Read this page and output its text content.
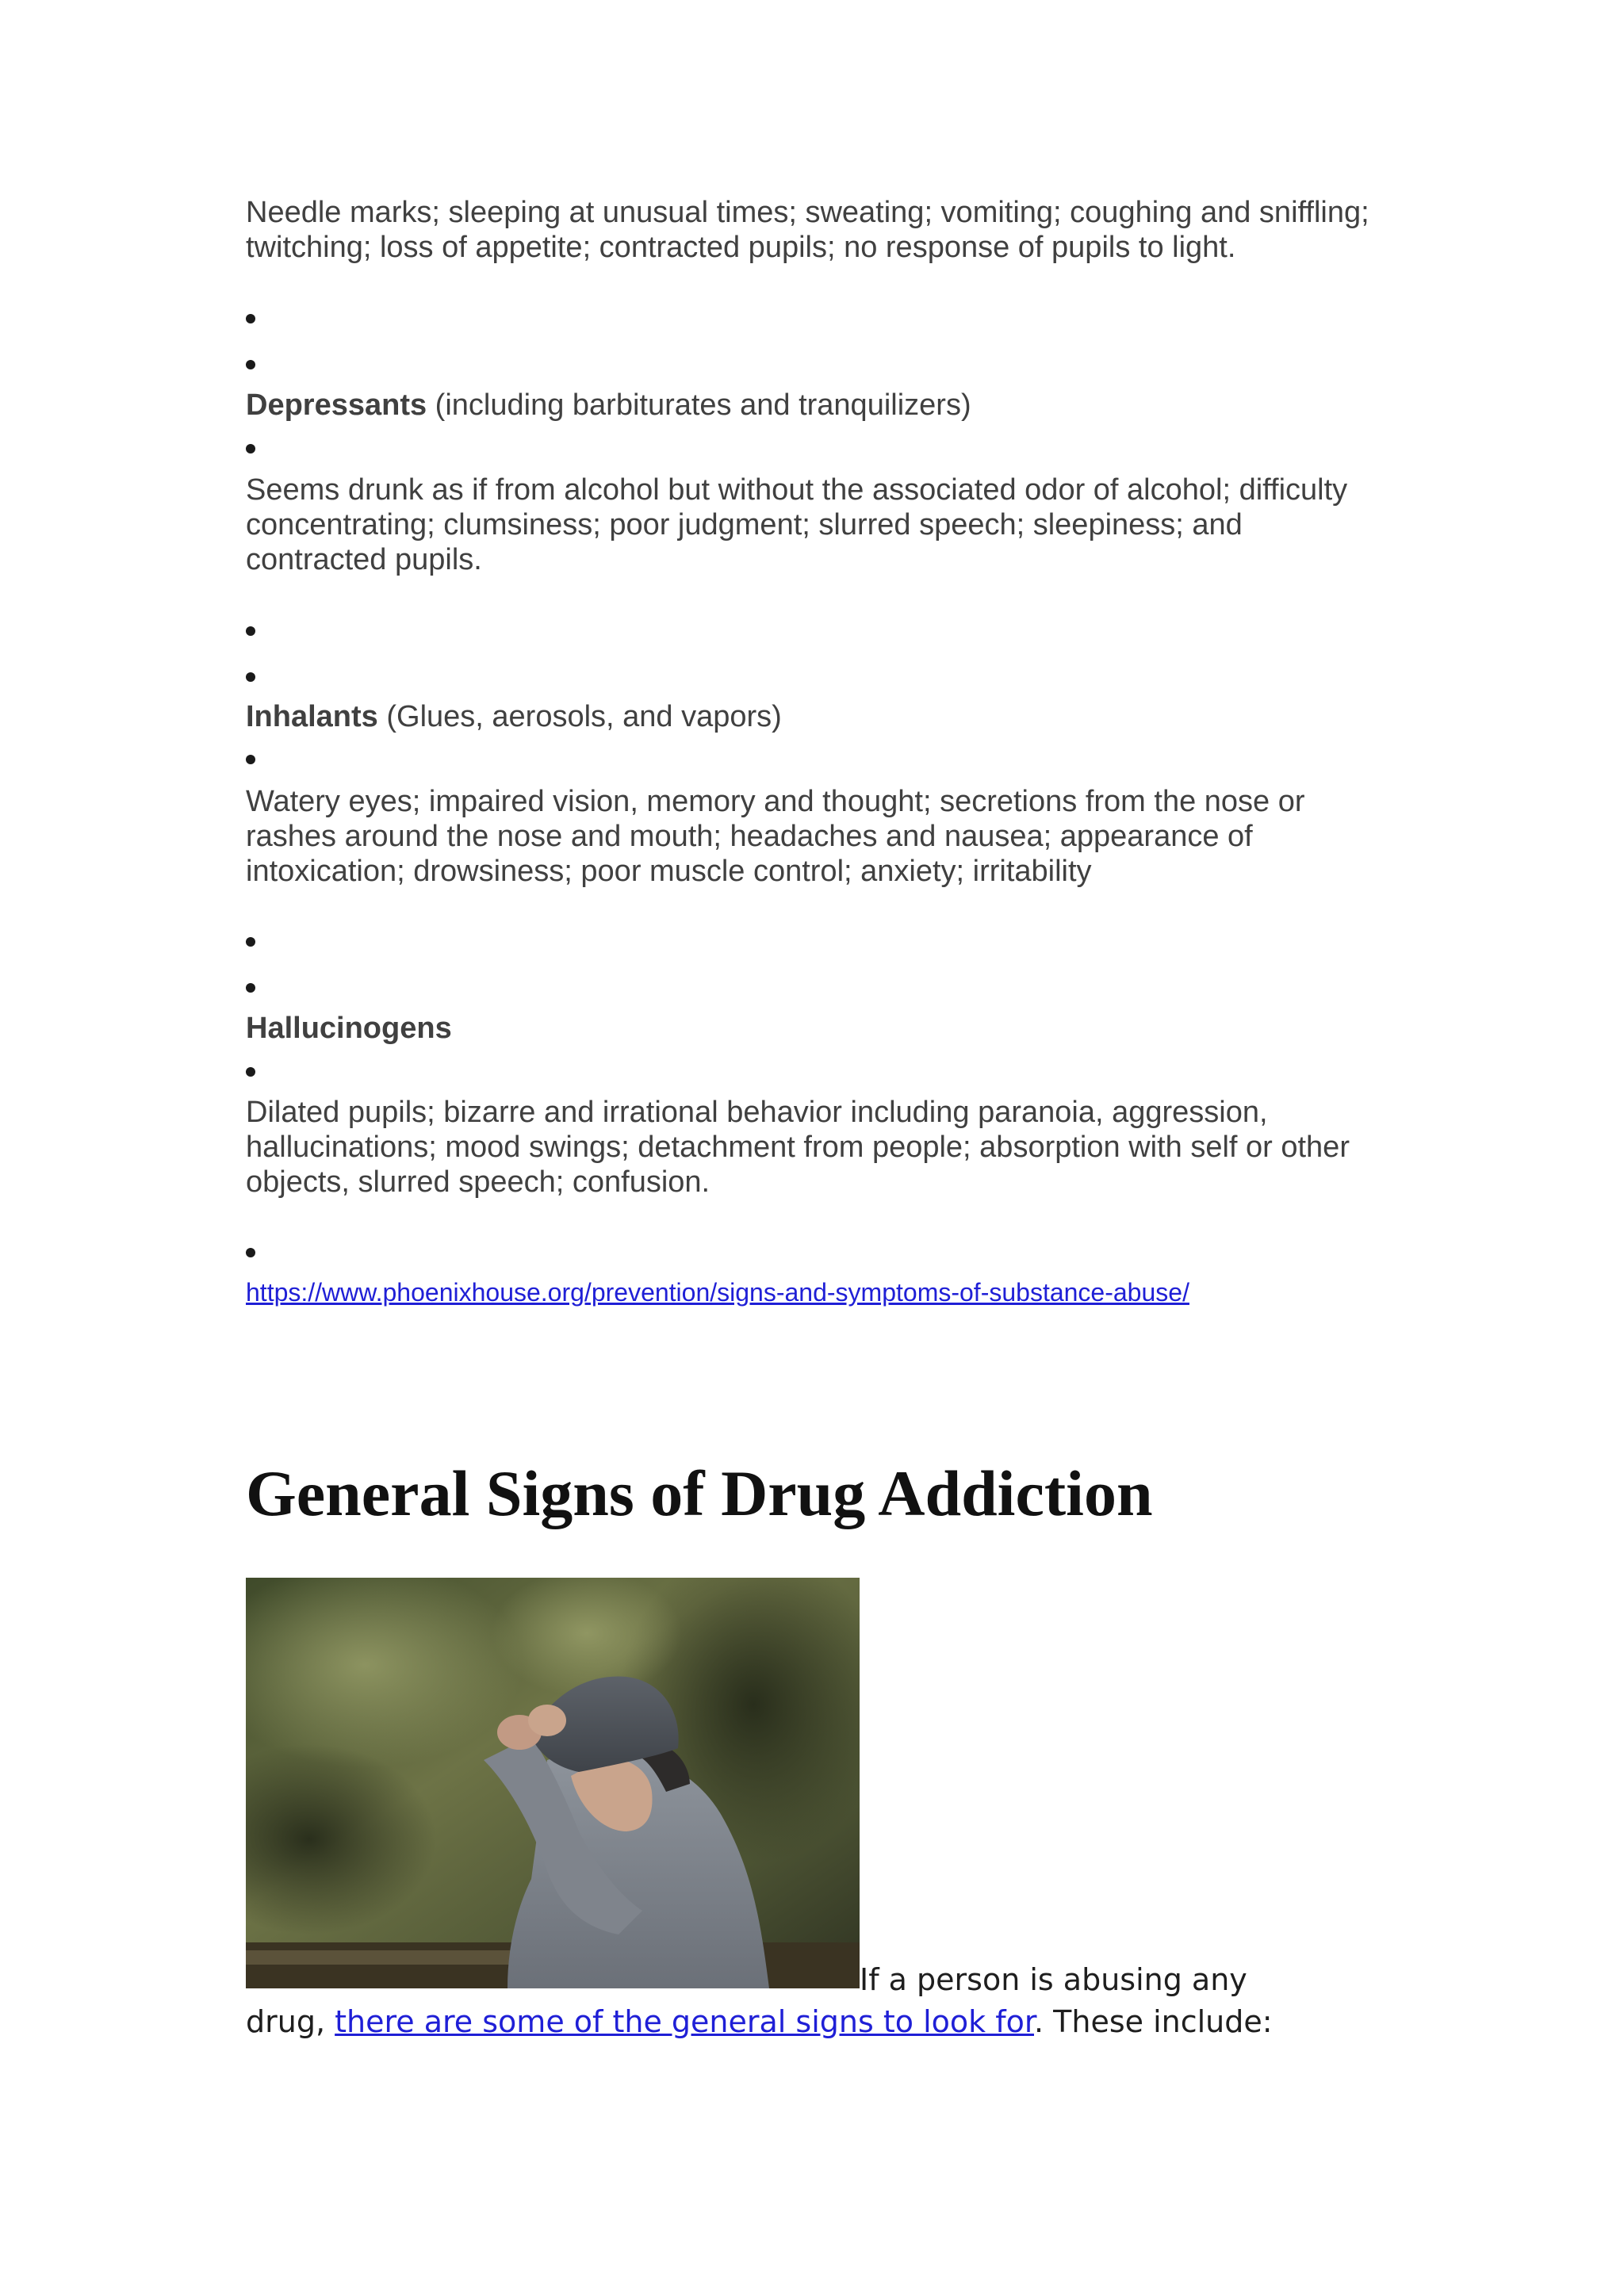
Needle marks; sleeping at unusual times; sweating; vomiting; coughing and sniffling;

twitching; loss of appetite; contracted pupils; no response of pupils to light.

Depressants (including barbiturates and tranquilizers)

Seems drunk as if from alcohol but without the associated odor of alcohol; difficulty

concentrating; clumsiness; poor judgment; slurred speech; sleepiness; and

contracted pupils.

Inhalants (Glues, aerosols, and vapors)

Watery eyes; impaired vision, memory and thought; secretions from the nose or

rashes around the nose and mouth; headaches and nausea; appearance of

intoxication; drowsiness; poor muscle control; anxiety; irritability

Hallucinogens

Dilated pupils; bizarre and irrational behavior including paranoia, aggression,

hallucinations; mood swings; detachment from people; absorption with self or other

objects, slurred speech; confusion.

https://www.phoenixhouse.org/prevention/signs-and-symptoms-of-substance-abuse/
General Signs of Drug Addiction

If a person is abusing any

drug, there are some of the general signs to look for. These include:
